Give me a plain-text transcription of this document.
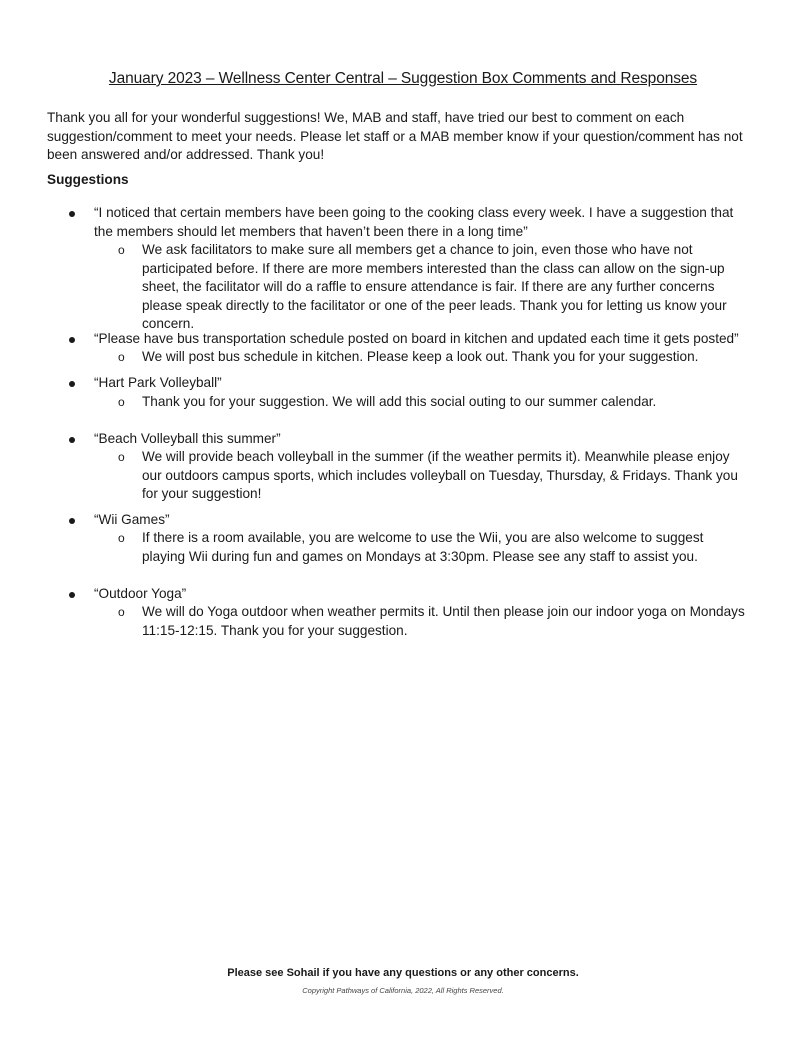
January 2023 – Wellness Center Central – Suggestion Box Comments and Responses
Thank you all for your wonderful suggestions! We, MAB and staff, have tried our best to comment on each suggestion/comment to meet your needs. Please let staff or a MAB member know if your question/comment has not been answered and/or addressed. Thank you!
Suggestions
“I noticed that certain members have been going to the cooking class every week. I have a suggestion that the members should let members that haven’t been there in a long time”
o We ask facilitators to make sure all members get a chance to join, even those who have not participated before. If there are more members interested than the class can allow on the sign-up sheet, the facilitator will do a raffle to ensure attendance is fair. If there are any further concerns please speak directly to the facilitator or one of the peer leads. Thank you for letting us know your concern.
“Please have bus transportation schedule posted on board in kitchen and updated each time it gets posted”
o We will post bus schedule in kitchen. Please keep a look out. Thank you for your suggestion.
“Hart Park Volleyball”
o Thank you for your suggestion. We will add this social outing to our summer calendar.
“Beach Volleyball this summer”
o We will provide beach volleyball in the summer (if the weather permits it). Meanwhile please enjoy our outdoors campus sports, which includes volleyball on Tuesday, Thursday, & Fridays. Thank you for your suggestion!
“Wii Games”
o If there is a room available, you are welcome to use the Wii, you are also welcome to suggest playing Wii during fun and games on Mondays at 3:30pm. Please see any staff to assist you.
“Outdoor Yoga”
o We will do Yoga outdoor when weather permits it. Until then please join our indoor yoga on Mondays 11:15-12:15. Thank you for your suggestion.
Please see Sohail if you have any questions or any other concerns.
Copyright Pathways of California, 2022, All Rights Reserved.
